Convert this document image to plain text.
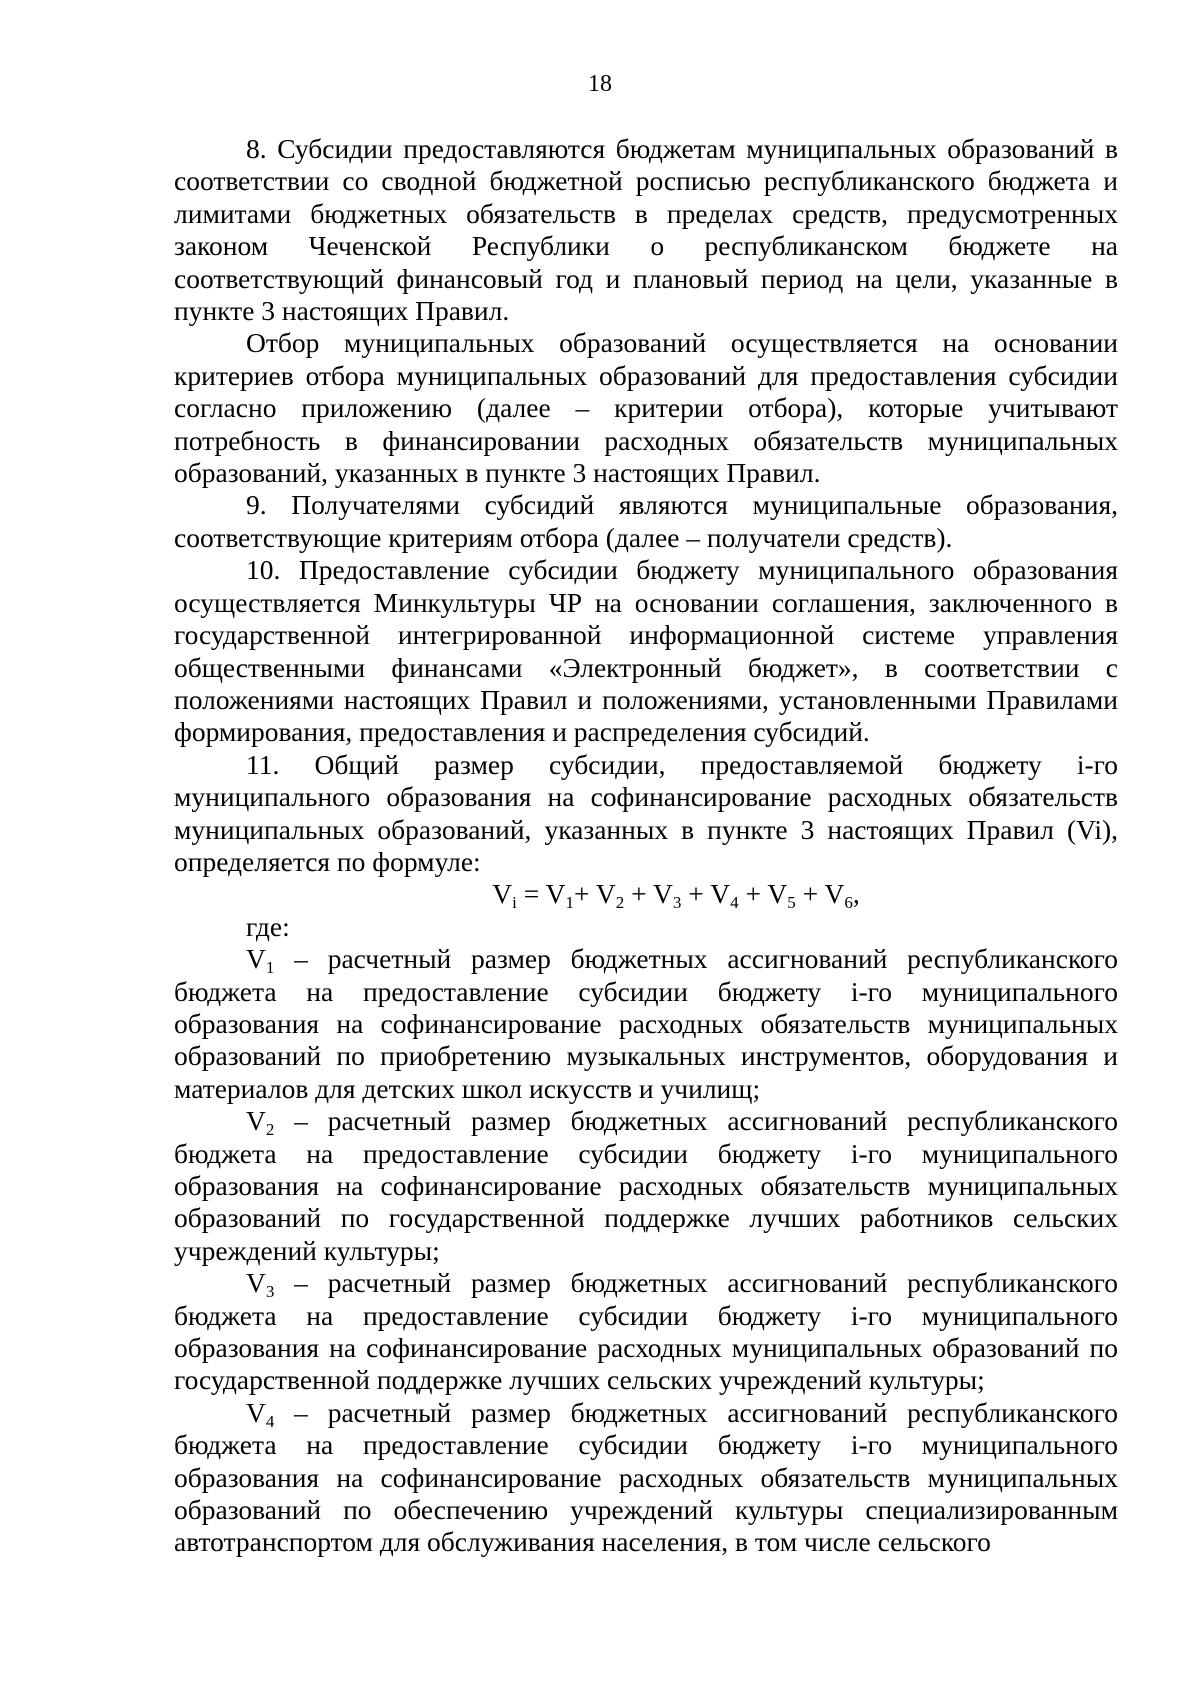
18

8. Субсидии предоставляются бюджетам муниципальных образований в соответствии со сводной бюджетной росписью республиканского бюджета и лимитами бюджетных обязательств в пределах средств, предусмотренных законом Чеченской Республики о республиканском бюджете на соответствующий финансовый год и плановый период на цели, указанные в пункте 3 настоящих Правил.

Отбор муниципальных образований осуществляется на основании критериев отбора муниципальных образований для предоставления субсидии согласно приложению (далее – критерии отбора), которые учитывают потребность в финансировании расходных обязательств муниципальных образований, указанных в пункте 3 настоящих Правил.

9. Получателями субсидий являются муниципальные образования, соответствующие критериям отбора (далее – получатели средств).

10. Предоставление субсидии бюджету муниципального образования осуществляется Минкультуры ЧР на основании соглашения, заключенного в государственной интегрированной информационной системе управления общественными финансами «Электронный бюджет», в соответствии с положениями настоящих Правил и положениями, установленными Правилами формирования, предоставления и распределения субсидий.

11. Общий размер субсидии, предоставляемой бюджету i-го муниципального образования на софинансирование расходных обязательств муниципальных образований, указанных в пункте 3 настоящих Правил (Vi), определяется по формуле:

$V_i = V_1+ V_2 + V_3 + V_4 + V_5 + V_6$,

где:

$V_1$ – расчетный размер бюджетных ассигнований республиканского бюджета на предоставление субсидии бюджету i-го муниципального образования на софинансирование расходных обязательств муниципальных образований по приобретению музыкальных инструментов, оборудования и материалов для детских школ искусств и училищ;

$V_2$ – расчетный размер бюджетных ассигнований республиканского бюджета на предоставление субсидии бюджету i-го муниципального образования на софинансирование расходных обязательств муниципальных образований по государственной поддержке лучших работников сельских учреждений культуры;

$V_3$ – расчетный размер бюджетных ассигнований республиканского бюджета на предоставление субсидии бюджету i-го муниципального образования на софинансирование расходных муниципальных образований по государственной поддержке лучших сельских учреждений культуры;

$V_4$ – расчетный размер бюджетных ассигнований республиканского бюджета на предоставление субсидии бюджету i-го муниципального образования на софинансирование расходных обязательств муниципальных образований по обеспечению учреждений культуры специализированным автотранспортом для обслуживания населения, в том числе сельского
